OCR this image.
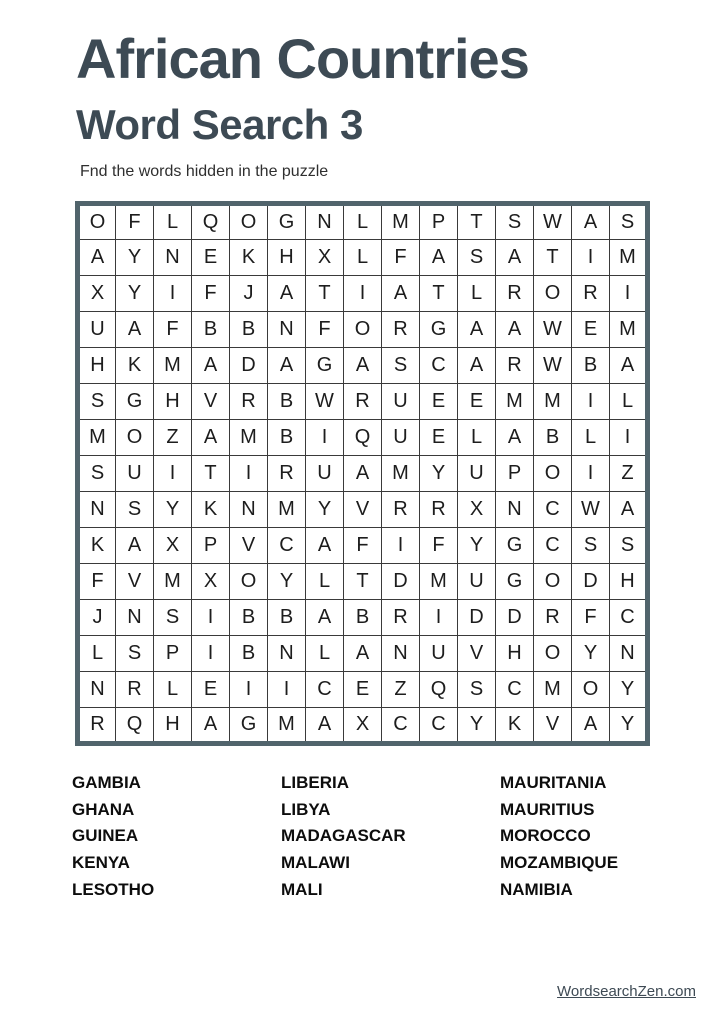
African Countries
Word Search 3
Fnd the words hidden in the puzzle
O	F	L	Q	O	G	N	L	M	P	T	S	W	A	S
A	Y	N	E	K	H	X	L	F	A	S	A	T	I	M
X	Y	I	F	J	A	T	I	A	T	L	R	O	R	I
U	A	F	B	B	N	F	O	R	G	A	A	W	E	M
H	K	M	A	D	A	G	A	S	C	A	R	W	B	A
S	G	H	V	R	B	W	R	U	E	E	M	M	I	L
M	O	Z	A	M	B	I	Q	U	E	L	A	B	L	I
S	U	I	T	I	R	U	A	M	Y	U	P	O	I	Z
N	S	Y	K	N	M	Y	V	R	R	X	N	C	W	A
K	A	X	P	V	C	A	F	I	F	Y	G	C	S	S
F	V	M	X	O	Y	L	T	D	M	U	G	O	D	H
J	N	S	I	B	B	A	B	R	I	D	D	R	F	C
L	S	P	I	B	N	L	A	N	U	V	H	O	Y	N
N	R	L	E	I	I	C	E	Z	Q	S	C	M	O	Y
R	Q	H	A	G	M	A	X	C	C	Y	K	V	A	Y
GAMBIA
GHANA
GUINEA
KENYA
LESOTHO
LIBERIA
LIBYA
MADAGASCAR
MALAWI
MALI
MAURITANIA
MAURITIUS
MOROCCO
MOZAMBIQUE
NAMIBIA
WordsearchZen.com
